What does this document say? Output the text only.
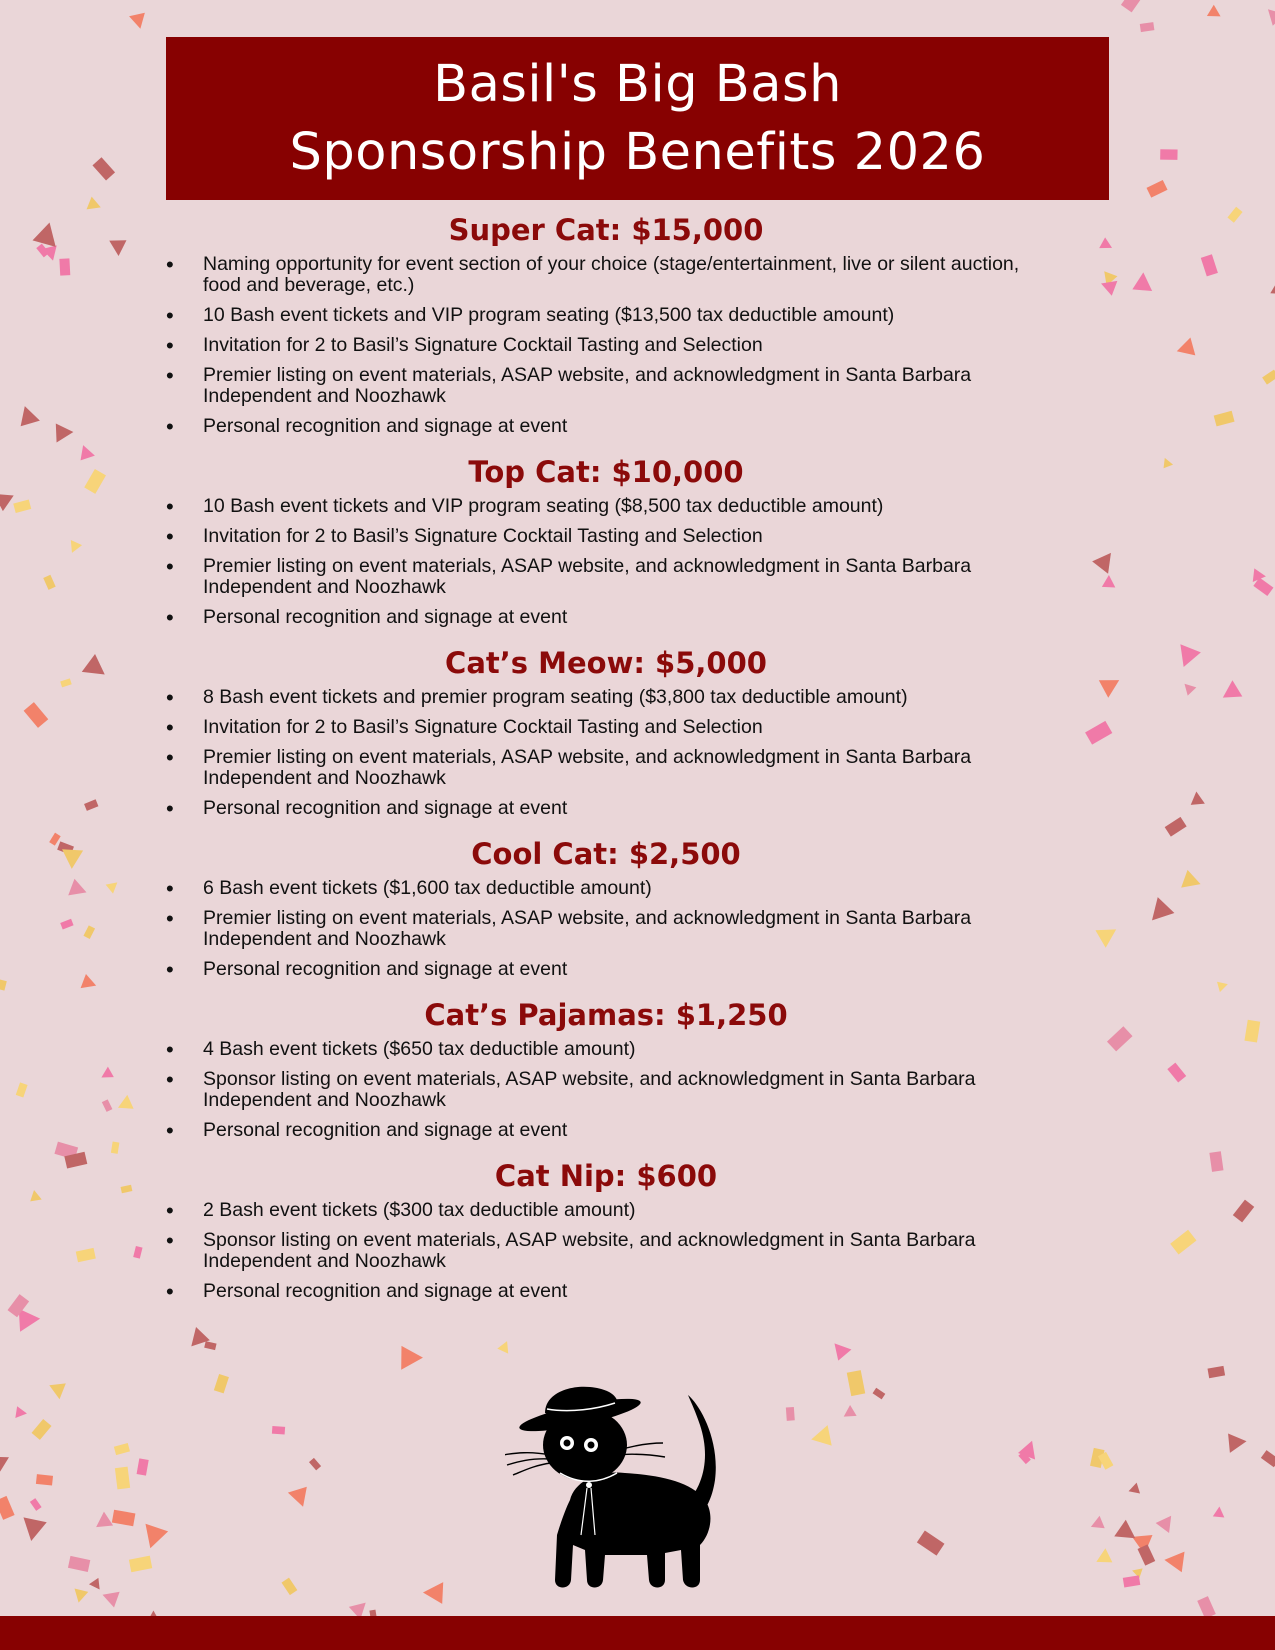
Basil's Big Bash
Sponsorship Benefits 2026
Super Cat: $15,000
• Naming opportunity for event section of your choice (stage/entertainment, live or silent auction, food and beverage, etc.)
• 10 Bash event tickets and VIP program seating ($13,500 tax deductible amount)
• Invitation for 2 to Basil’s Signature Cocktail Tasting and Selection
• Premier listing on event materials, ASAP website, and acknowledgment in Santa Barbara Independent and Noozhawk
• Personal recognition and signage at event
Top Cat: $10,000
• 10 Bash event tickets and VIP program seating ($8,500 tax deductible amount)
• Invitation for 2 to Basil’s Signature Cocktail Tasting and Selection
• Premier listing on event materials, ASAP website, and acknowledgment in Santa Barbara Independent and Noozhawk
• Personal recognition and signage at event
Cat’s Meow: $5,000
• 8 Bash event tickets and premier program seating ($3,800 tax deductible amount)
• Invitation for 2 to Basil’s Signature Cocktail Tasting and Selection
• Premier listing on event materials, ASAP website, and acknowledgment in Santa Barbara Independent and Noozhawk
• Personal recognition and signage at event
Cool Cat: $2,500
• 6 Bash event tickets ($1,600 tax deductible amount)
• Premier listing on event materials, ASAP website, and acknowledgment in Santa Barbara Independent and Noozhawk
• Personal recognition and signage at event
Cat’s Pajamas: $1,250
• 4 Bash event tickets ($650 tax deductible amount)
• Sponsor listing on event materials, ASAP website, and acknowledgment in Santa Barbara Independent and Noozhawk
• Personal recognition and signage at event
Cat Nip: $600
• 2 Bash event tickets ($300 tax deductible amount)
• Sponsor listing on event materials, ASAP website, and acknowledgment in Santa Barbara Independent and Noozhawk
• Personal recognition and signage at event
